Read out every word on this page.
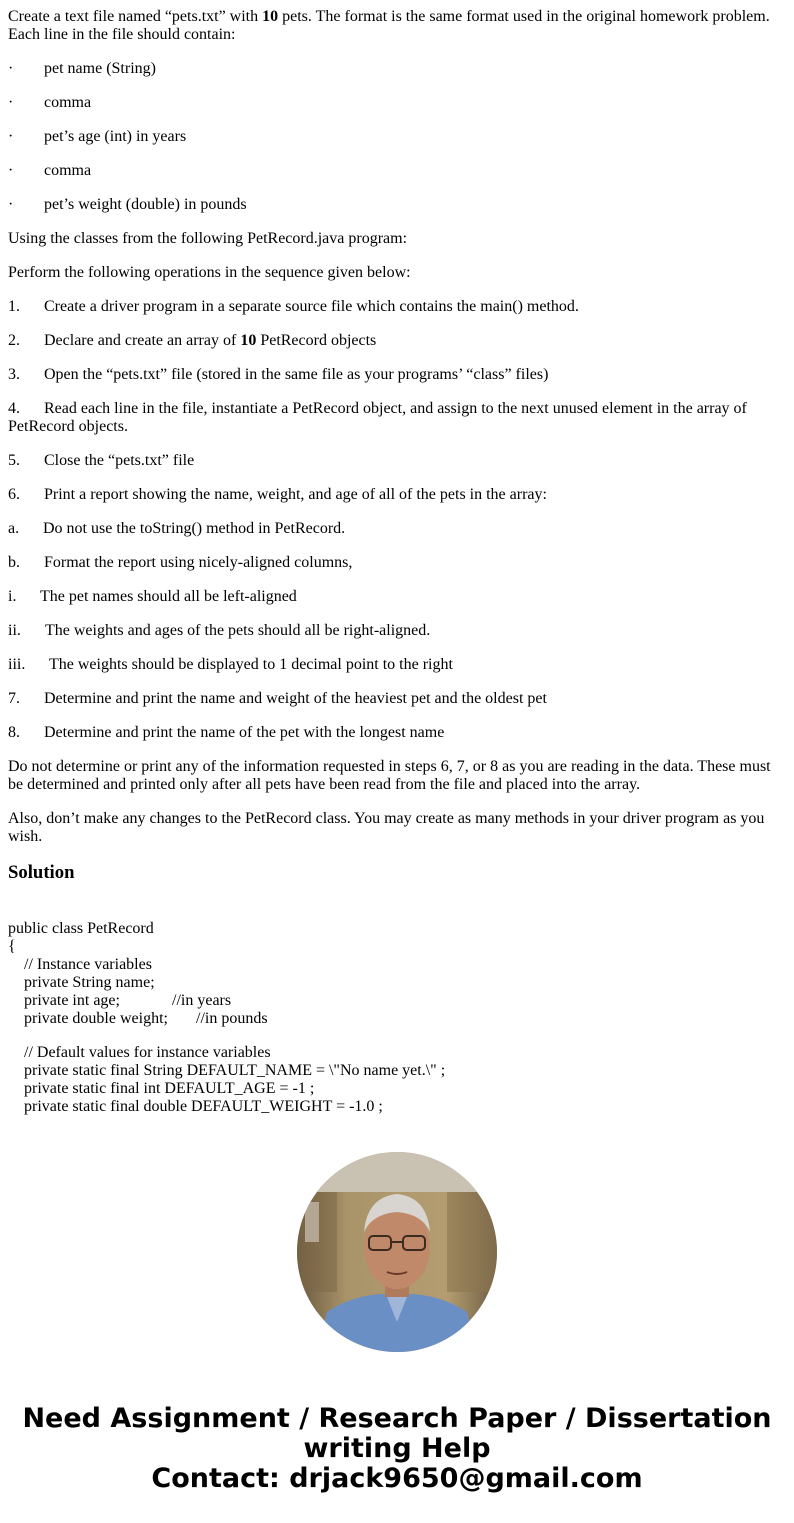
Create a text file named “pets.txt” with 10 pets. The format is the same format used in the original homework problem. Each line in the file should contain:

· pet name (String)

· comma

· pet’s age (int) in years

· comma

· pet’s weight (double) in pounds

Using the classes from the following PetRecord.java program:

Perform the following operations in the sequence given below:

1. Create a driver program in a separate source file which contains the main() method.

2. Declare and create an array of 10 PetRecord objects

3. Open the “pets.txt” file (stored in the same file as your programs’ “class” files)

4. Read each line in the file, instantiate a PetRecord object, and assign to the next unused element in the array of PetRecord objects.

5. Close the “pets.txt” file

6. Print a report showing the name, weight, and age of all of the pets in the array:

a. Do not use the toString() method in PetRecord.

b. Format the report using nicely-aligned columns,

i. The pet names should all be left-aligned

ii. The weights and ages of the pets should all be right-aligned.

iii. The weights should be displayed to 1 decimal point to the right

7. Determine and print the name and weight of the heaviest pet and the oldest pet

8. Determine and print the name of the pet with the longest name

Do not determine or print any of the information requested in steps 6, 7, or 8 as you are reading in the data. These must be determined and printed only after all pets have been read from the file and placed into the array.

Also, don’t make any changes to the PetRecord class. You may create as many methods in your driver program as you wish.

Solution
public class PetRecord
{
// Instance variables
private String name;
private int age;	//in years
private double weight; //in pounds
// Default values for instance variables
private static final String DEFAULT_NAME = \"No name yet.\" ;
private static final int DEFAULT_AGE = -1 ;
private static final double DEFAULT_WEIGHT = -1.0 ;
Need Assignment / Research Paper / Dissertation
writing Help
Contact: drjack9650@gmail.com
